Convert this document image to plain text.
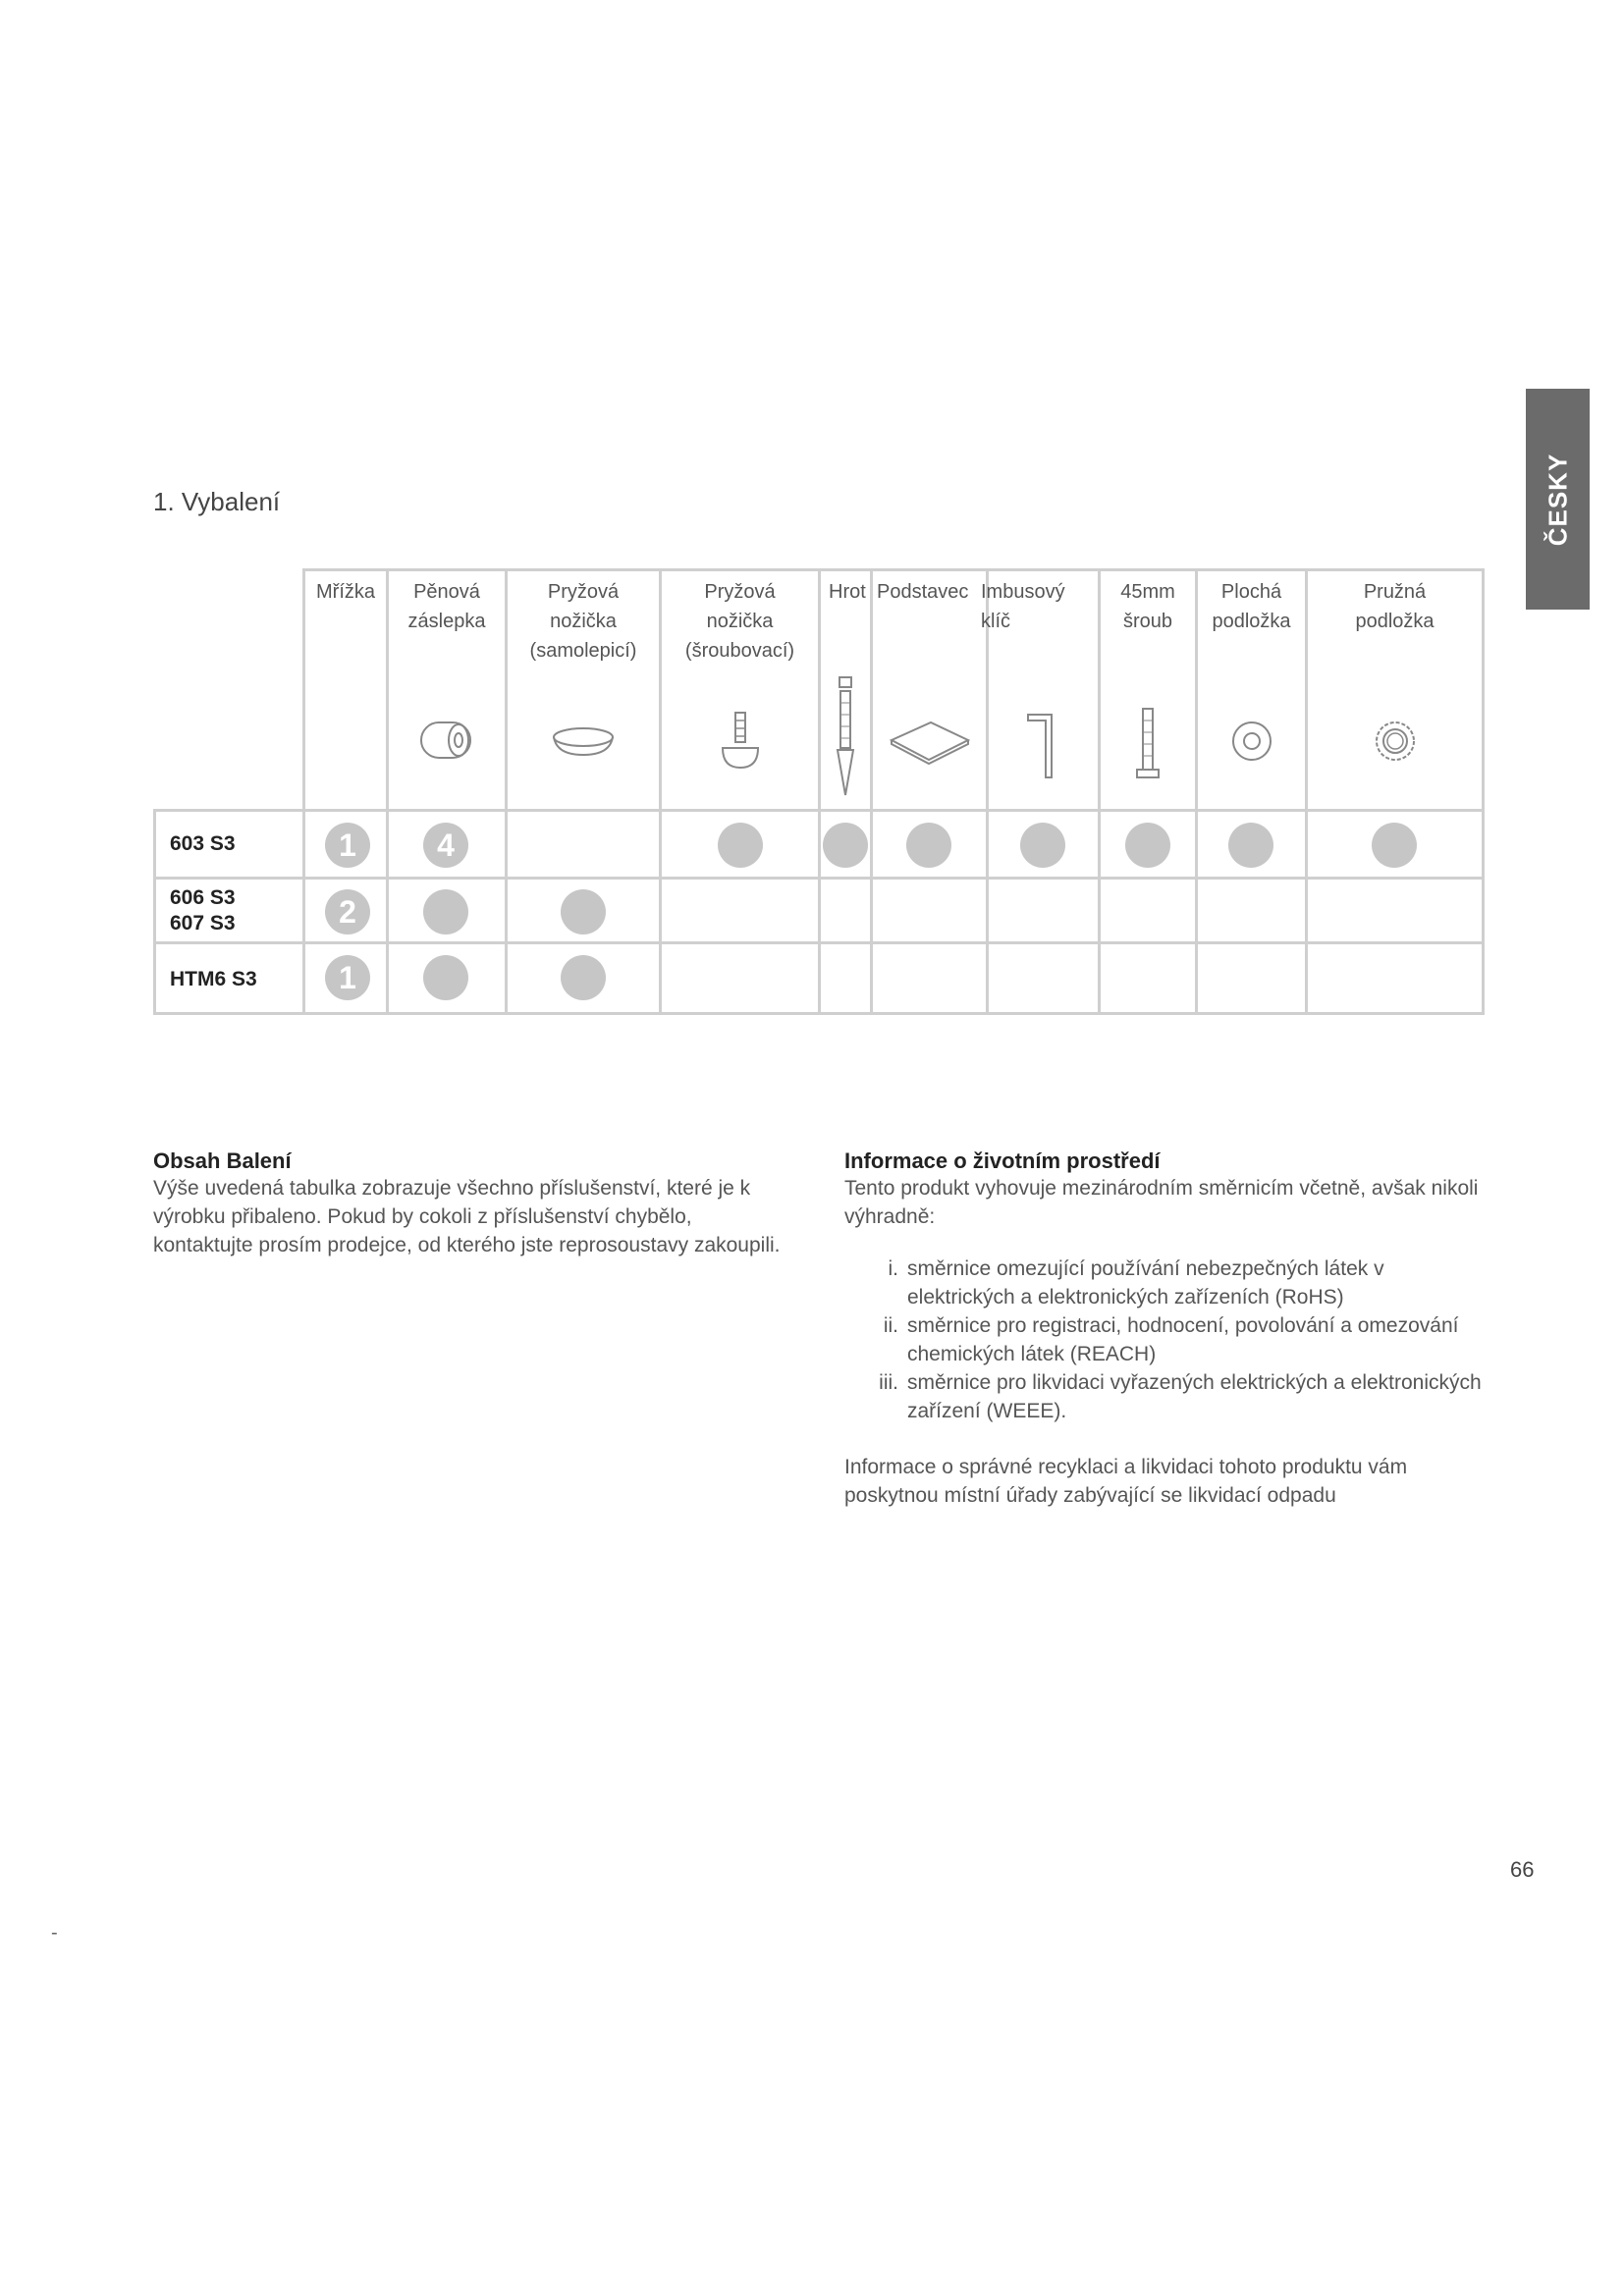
ČESKY
1. Vybalení
Mřížka	Pěnová
záslepka
Pryžová
nožička
(samolepicí)
Pryžová
nožička
(šroubovací)
Hrot Podstavec Imbusový
klíč
45mm
šroub
Plochá
podložka
Pružná
podložka
603 S3
606 S3
607 S3
HTM6 S3
1	4
2
1
Obsah Balení
Výše uvedená tabulka zobrazuje všechno příslušenství, které je k výrobku přibaleno. Pokud by cokoli z příslušenství chybělo, kontaktujte prosím prodejce, od kterého jste reprosoustavy zakoupili.
Informace o životním prostředí
Tento produkt vyhovuje mezinárodním směrnicím včetně, avšak nikoli výhradně:
i. směrnice omezující používání nebezpečných látek v elektrických a elektronických zařízeních (RoHS)
ii. směrnice pro registraci, hodnocení, povolování a omezování chemických látek (REACH)
iii. směrnice pro likvidaci vyřazených elektrických a elektronických zařízení (WEEE).
Informace o správné recyklaci a likvidaci tohoto produktu vám poskytnou místní úřady zabývající se likvidací odpadu
66
-
